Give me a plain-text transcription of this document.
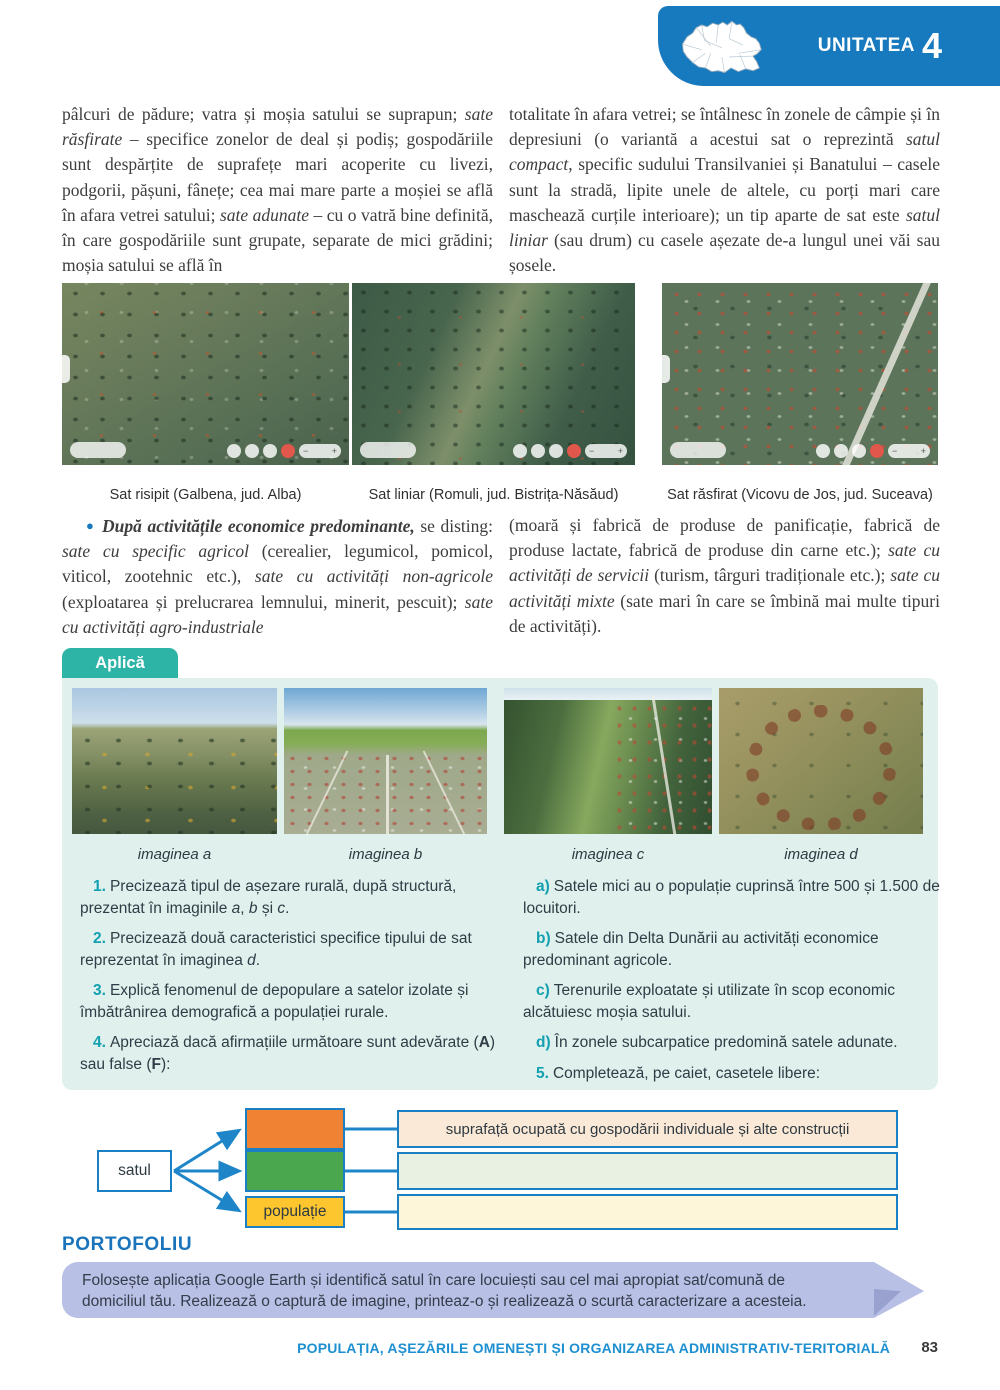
UNITATEA 4
pâlcuri de pădure; vatra și moșia satului se suprapun; sate răsfirate – specifice zonelor de deal și podiș; gospodăriile sunt despărțite de suprafețe mari acoperite cu livezi, podgorii, pășuni, fânețe; cea mai mare parte a moșiei se află în afara vetrei satului; sate adunate – cu o vatră bine definită, în care gospodăriile sunt grupate, separate de mici grădini; moșia satului se află în
totalitate în afara vetrei; se întâlnesc în zonele de câmpie și în depresiuni (o variantă a acestui sat o reprezintă satul compact, specific sudului Transilvaniei și Banatului – casele sunt la stradă, lipite unele de altele, cu porți mari care maschează curțile interioare); un tip aparte de sat este satul liniar (sau drum) cu casele așezate de-a lungul unei văi sau șosele.
−	+	−	+	−	+
Sat risipit (Galbena, jud. Alba)	Sat liniar (Romuli, jud. Bistrița-Năsăud)	Sat răsfirat (Vicovu de Jos, jud. Suceava)
● După activitățile economice predominante, se disting: sate cu specific agricol (cerealier, legumicol, pomicol, viticol, zootehnic etc.), sate cu activități non-agricole (exploatarea și prelucrarea lemnului, minerit, pescuit); sate cu activități agro-industriale
(moară și fabrică de produse de panificație, fabrică de produse lactate, fabrică de produse din carne etc.); sate cu activități de servicii (turism, târguri tradiționale etc.); sate cu activități mixte (sate mari în care se îmbină mai multe tipuri de activități).
Aplică
imaginea a	imaginea b	imaginea c	imaginea d

1. Precizează tipul de așezare rurală, după structură, prezentat în imaginile a, b și c.

2. Precizează două caracteristici specifice tipului de sat reprezentat în imaginea d.

3. Explică fenomenul de depopulare a satelor izolate și îmbătrânirea demografică a populației rurale.

4. Apreciază dacă afirmațiile următoare sunt adevărate (A) sau false (F):

a) Satele mici au o populație cuprinsă între 500 și 1.500 de locuitori.

b) Satele din Delta Dunării au activități economice predominant agricole.

c) Terenurile exploatate și utilizate în scop economic alcătuiesc moșia satului.

d) În zonele subcarpatice predomină satele adunate.

5. Completează, pe caiet, casetele libere:

satul
populație
suprafață ocupată cu gospodării individuale și alte construcții
PORTOFOLIU
Folosește aplicația Google Earth și identifică satul în care locuiești sau cel mai apropiat sat/comună de domiciliul tău. Realizează o captură de imagine, printeaz-o și realizează o scurtă caracterizare a acesteia.
POPULAȚIA, AȘEZĂRILE OMENEȘTI ȘI ORGANIZAREA ADMINISTRATIV-TERITORIALĂ 83
